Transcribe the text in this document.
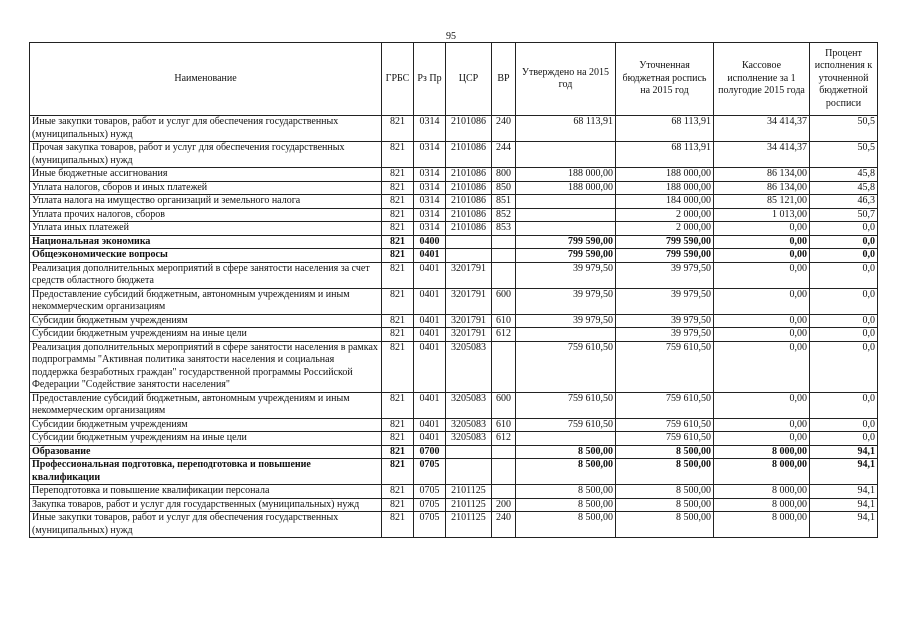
95
Наименование	ГРБС	Рз Пр	ЦСР	ВР	Утверждено на 2015 год	Уточненная бюджетная роспись на 2015 год	Кассовое исполнение за 1 полугодие 2015 года	Процент исполнения к уточненной бюджетной росписи
Иные закупки товаров, работ и услуг для обеспечения государственных (муниципальных) нужд	821	0314	2101086	240	68 113,91	68 113,91	34 414,37	50,5
Прочая закупка товаров, работ и услуг для обеспечения государственных (муниципальных) нужд	821	0314	2101086	244		68 113,91	34 414,37	50,5
Иные бюджетные ассигнования	821	0314	2101086	800	188 000,00	188 000,00	86 134,00	45,8
Уплата налогов, сборов и иных платежей	821	0314	2101086	850	188 000,00	188 000,00	86 134,00	45,8
Уплата налога на имущество организаций и земельного налога	821	0314	2101086	851		184 000,00	85 121,00	46,3
Уплата прочих налогов, сборов	821	0314	2101086	852		2 000,00	1 013,00	50,7
Уплата иных платежей	821	0314	2101086	853		2 000,00	0,00	0,0
Национальная экономика	821	0400			799 590,00	799 590,00	0,00	0,0
Общеэкономические вопросы	821	0401			799 590,00	799 590,00	0,00	0,0
Реализация дополнительных мероприятий в сфере занятости населения за счет средств областного бюджета	821	0401	3201791		39 979,50	39 979,50	0,00	0,0
Предоставление субсидий бюджетным, автономным учреждениям и иным некоммерческим организациям	821	0401	3201791	600	39 979,50	39 979,50	0,00	0,0
Субсидии бюджетным учреждениям	821	0401	3201791	610	39 979,50	39 979,50	0,00	0,0
Субсидии бюджетным учреждениям на иные цели	821	0401	3201791	612		39 979,50	0,00	0,0
Реализация дополнительных мероприятий в сфере занятости населения в рамках подпрограммы "Активная политика занятости населения и социальная поддержка безработных граждан" государственной программы Российской Федерации "Содействие занятости населения"	821	0401	3205083		759 610,50	759 610,50	0,00	0,0
Предоставление субсидий бюджетным, автономным учреждениям и иным некоммерческим организациям	821	0401	3205083	600	759 610,50	759 610,50	0,00	0,0
Субсидии бюджетным учреждениям	821	0401	3205083	610	759 610,50	759 610,50	0,00	0,0
Субсидии бюджетным учреждениям на иные цели	821	0401	3205083	612		759 610,50	0,00	0,0
Образование	821	0700			8 500,00	8 500,00	8 000,00	94,1
Профессиональная подготовка, переподготовка и повышение квалификации	821	0705			8 500,00	8 500,00	8 000,00	94,1
Переподготовка и повышение квалификации персонала	821	0705	2101125		8 500,00	8 500,00	8 000,00	94,1
Закупка товаров, работ и услуг для государственных (муниципальных) нужд	821	0705	2101125	200	8 500,00	8 500,00	8 000,00	94,1
Иные закупки товаров, работ и услуг для обеспечения государственных (муниципальных) нужд	821	0705	2101125	240	8 500,00	8 500,00	8 000,00	94,1
